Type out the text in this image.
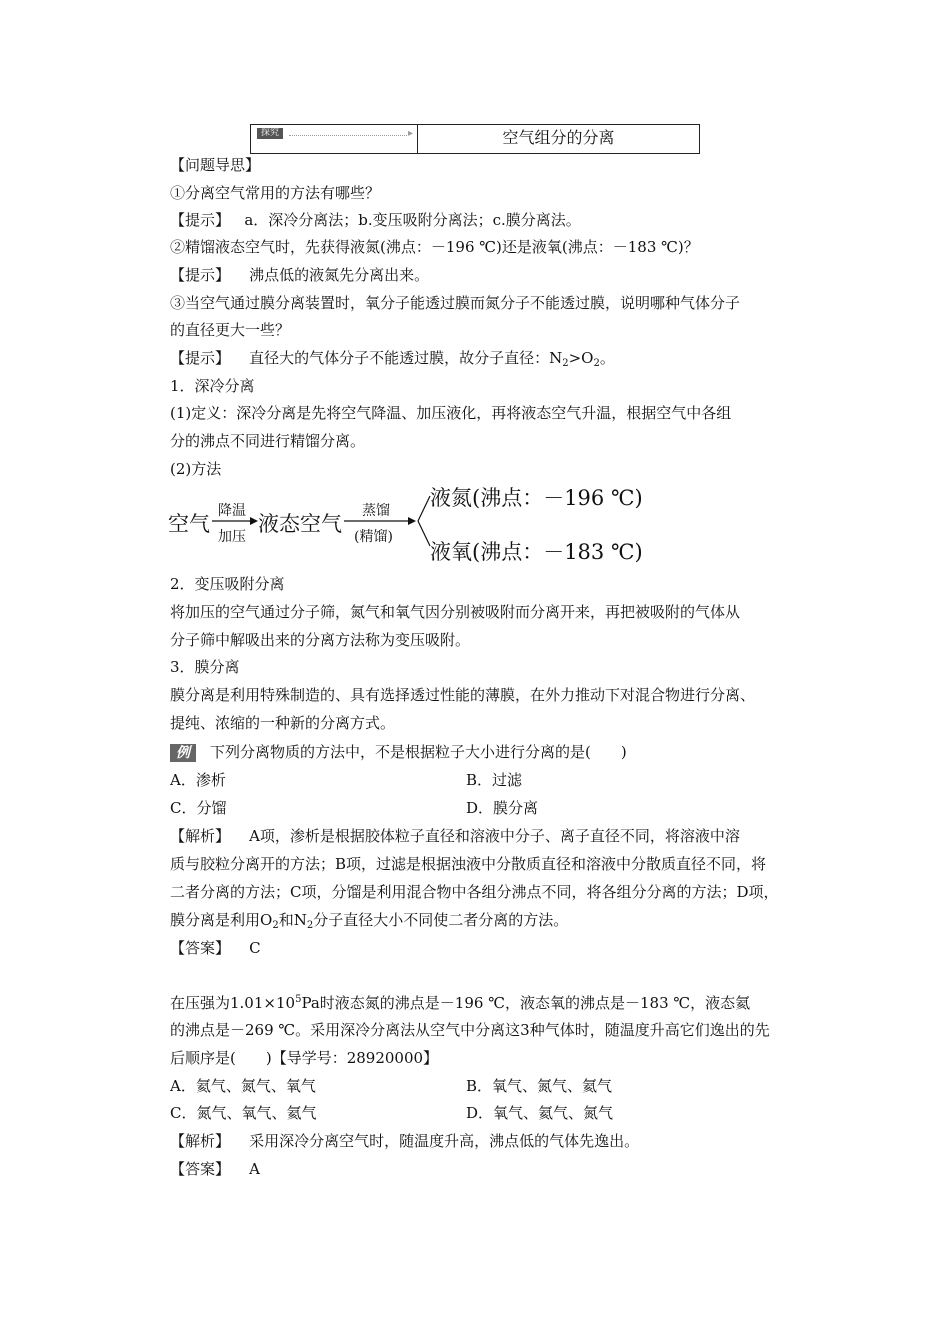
探究
▸	空气组分的分离
【问题导思】
①分离空气常用的方法有哪些？
【提示】 a．深冷分离法；b.变压吸附分离法；c.膜分离法。
②精馏液态空气时，先获得液氮(沸点：－196 ℃)还是液氧(沸点：－183 ℃)？
【提示】 沸点低的液氮先分离出来。
③当空气通过膜分离装置时，氧分子能透过膜而氮分子不能透过膜，说明哪种气体分子
的直径更大一些？
【提示】 直径大的气体分子不能透过膜，故分子直径：$N_2>O_2$。
1．深冷分离
(1)定义：深冷分离是先将空气降温、加压液化，再将液态空气升温，根据空气中各组
分的沸点不同进行精馏分离。
(2)方法
空气
降温
加压
液态空气
蒸馏
(精馏)
液氮(沸点：－196 ℃)
液氧(沸点：－183 ℃)
2．变压吸附分离
将加压的空气通过分子筛，氮气和氧气因分别被吸附而分离开来，再把被吸附的气体从
分子筛中解吸出来的分离方法称为变压吸附。
3．膜分离
膜分离是利用特殊制造的、具有选择透过性能的薄膜，在外力推动下对混合物进行分离、
提纯、浓缩的一种新的分离方式。
例 下列分离物质的方法中，不是根据粒子大小进行分离的是(　　)
A．渗析	B．过滤
C．分馏	D．膜分离
【解析】 A项，渗析是根据胶体粒子直径和溶液中分子、离子直径不同，将溶液中溶
质与胶粒分离开的方法；B项，过滤是根据浊液中分散质直径和溶液中分散质直径不同，将
二者分离的方法；C项，分馏是利用混合物中各组分沸点不同，将各组分分离的方法；D项，
膜分离是利用$O_2$和$N_2$分子直径大小不同使二者分离的方法。
【答案】 C
在压强为$1.01\times 10^5Pa$时液态氮的沸点是－196 ℃，液态氧的沸点是－183 ℃，液态氦
的沸点是－269 ℃。采用深冷分离法从空气中分离这3种气体时，随温度升高它们逸出的先
后顺序是(　　)【导学号：28920000】
A．氦气、氮气、氧气	B．氧气、氮气、氦气
C．氮气、氧气、氦气	D．氧气、氦气、氮气
【解析】 采用深冷分离空气时，随温度升高，沸点低的气体先逸出。
【答案】 A
